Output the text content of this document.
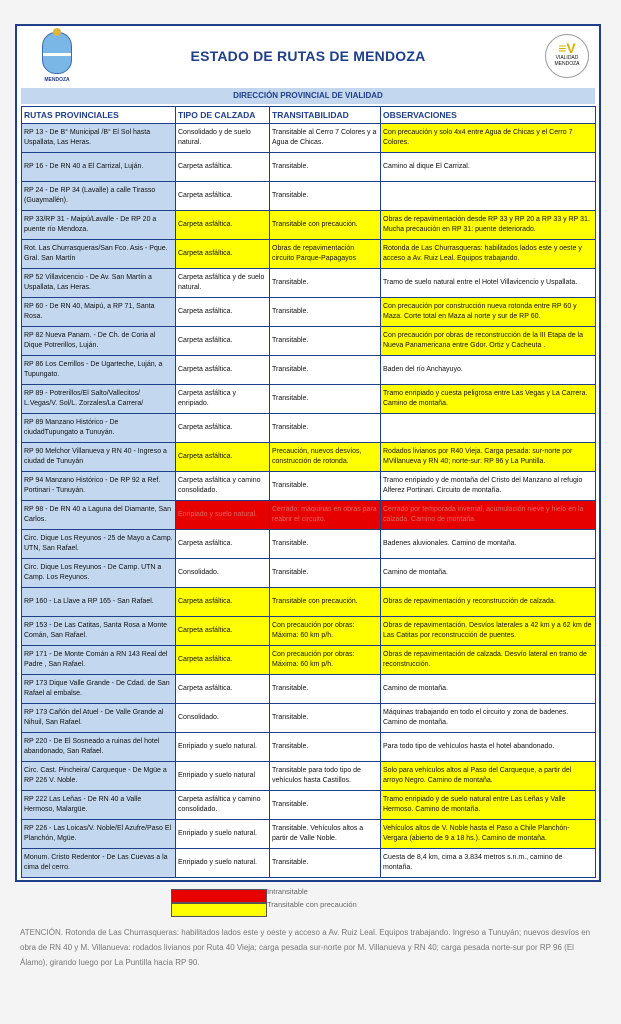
MENDOZA
ESTADO DE RUTAS DE MENDOZA	≡V
VIALIDAD MENDOZA
DIRECCIÓN PROVINCIAL DE VIALIDAD
RUTAS PROVINCIALES	TIPO DE CALZADA	TRANSITABILIDAD	OBSERVACIONES
RP 13 - De B° Municipal /B° El Sol hasta Uspallata, Las Heras.	Consolidado y de suelo natural.	Transitable al Cerro 7 Colores y a Agua de Chicas.	Con precaución y solo 4x4 entre Agua de Chicas y el Cerro 7 Colores.
RP 16 - De RN 40 a El Carrizal, Luján.	Carpeta asfáltica.	Transitable.	Camino al dique El Carrizal.
RP 24 - De RP 34 (Lavalle) a calle Tirasso (Guaymallén).	Carpeta asfáltica.	Transitable.	
RP 33/RP 31 - Maipú/Lavalle - De RP 20 a puente río Mendoza.	Carpeta asfáltica.	Transitable con precaución.	Obras de repavimentación desde RP 33 y RP 20 a RP 33 y RP 31. Mucha precaución en RP 31: puente deteriorado.
Rot. Las Churrasqueras/San Fco. Asis - Pque. Gral. San Martín	Carpeta asfáltica.	Obras de repavimentación circuito Parque-Papagayos	Rotonda de Las Churrasqueras: habilitados lados este y oeste y acceso a Av. Ruiz Leal. Equipos trabajando.
RP 52 Villavicencio - De Av. San Martín a Uspallata, Las Heras.	Carpeta asfáltica y de suelo natural.	Transitable.	Tramo de suelo natural entre el Hotel Villavicencio y Uspallata.
RP 60 - De RN 40, Maipú, a RP 71, Santa Rosa.	Carpeta asfáltica.	Transitable.	Con precaución por construcción nueva rotonda entre RP 60 y Maza. Corte total en Maza al norte y sur de RP 60.
RP 82 Nueva Panam. - De Ch. de Coria al Dique Potrerillos, Luján.	Carpeta asfáltica.	Transitable.	Con precaución por obras de reconstrucción de la III Etapa de la Nueva Panamericana entre Gdor. Ortiz y Cacheuta .
RP 86 Los Cerrillos - De Ugarteche, Luján, a Tupungato.	Carpeta asfáltica.	Transitable.	Baden del río Anchayuyo.
RP 89 - Potrerillos/El Salto/Vallecitos/ L.Vegas/V. Sol/L. Zorzales/La Carrera/	Carpeta asfáltica y enripiado.	Transitable.	Tramo enripiado y cuesta peligrosa entre Las Vegas y La Carrera. Camino de montaña.
RP 89 Manzano Histórico - De ciudadTupungato a Tunuyán.	Carpeta asfáltica.	Transitable.	
RP 90 Melchor Villanueva y RN 40 - Ingreso a ciudad de Tunuyán	Carpeta asfáltica.	Precaución, nuevos desvíos, construcción de rotonda.	Rodados livianos por R40 Vieja. Carga pesada: sur-norte por MVillanueva y RN 40; norte-sur: RP 96 y La Puntilla.
RP 94 Manzano Histórico - De RP 92 a Ref. Portinari - Tunuyán.	Carpeta asfáltica y camino consolidado.	Transitable.	Tramo enripiado y de montaña del Cristo del Manzano al refugio Alferez Portinari. Circuito de montaña.
RP 98 - De RN 40 a Laguna del Diamante, San Carlos.	Enripiado y suelo natural.	Cerrado: máquinas en obras para reabrir el circuito.	Cerrado por temporada invernal, acumulación nieve y hielo en la calzada. Camino de montaña.
Circ. Dique Los Reyunos - 25 de Mayo a Camp. UTN, San Rafael.	Carpeta asfáltica.	Transitable.	Badenes aluvionales. Camino de montaña.
Circ. Dique Los Reyunos - De Camp. UTN a Camp. Los Reyunos.	Consolidado.	Transitable.	Camino de montaña.
RP 160 - La Llave a RP 165 - San Rafael.	Carpeta asfáltica.	Transitable con precaución.	Obras de repavimentación y reconstrucción de calzada.
RP 153 - De Las Catitas, Santa Rosa a Monte Comán, San Rafael.	Carpeta asfáltica.	Con precaución por obras: Máxima: 60 km p/h.	Obras de repavimentación. Desvíos laterales a 42 km y a 62 km de Las Catitas por reconstrucción de puentes.
RP 171 - De Monte Comán a RN 143 Real del Padre , San Rafael.	Carpeta asfáltica.	Con precaución por obras: Máxima: 60 km p/h.	Obras de repavimentación de calzada. Desvío lateral en tramo de reconstrucción.
RP 173 Dique Valle Grande - De Cdad. de San Rafael al embalse.	Carpeta asfáltica.	Transitable.	Camino de montaña.
RP 173 Cañón del Atuel - De Valle Grande al Nihuil, San Rafael.	Consolidado.	Transitable.	Máquinas trabajando en todo el circuito y zona de badenes. Camino de montaña.
RP 220 - De El Sosneado a ruinas del hotel abandonado, San Rafael.	Enripiado y suelo natural.	Transitable.	Para todo tipo de vehículos hasta el hotel abandonado.
Circ. Cast. Pincheira/ Carqueque - De Mgüe a RP 226 V. Noble.	Enripiado y suelo natural	Transitable para todo tipo de vehículos hasta Castillos.	Solo para vehículos altos al Paso del Carqueque, a partir del arroyo Negro. Camino de montaña.
RP 222 Las Leñas - De RN 40 a Valle Hermoso, Malargüe.	Carpeta asfáltica y camino consolidado.	Transitable.	Tramo enripiado y de suelo natural entre Las Leñas y Valle Hermoso. Camino de montaña.
RP 226 - Las Loicas/V. Noble/El Azufre/Paso El Planchón, Mgüe.	Enripiado y suelo natural.	Transitable. Vehículos altos a partir de Valle Noble.	Vehículos altos de V. Noble hasta el Paso a Chile Planchón-Vergara (abierto de 9 a 18 hs.). Camino de montaña.
Monum. Cristo Redentor - De Las Cuevas a la cima del cerro.	Enripiado y suelo natural.	Transitable.	Cuesta de 8,4 km, cima a 3.834 metros s.n.m., camino de montaña.
Intransitable
Transitable con precaución
ATENCIÓN. Rotonda de Las Churrasqueras: habilitados lados este y oeste y acceso a Av. Ruiz Leal. Equipos trabajando. Ingreso a Tunuyán; nuevos desvíos en obra de RN 40 y M. Villanueva: rodados livianos por Ruta 40 Vieja; carga pesada sur-norte por M. Villanueva y RN 40; carga pesada norte-sur por RP 96 (El Álamo), girando luego por La Puntilla hacia RP 90.
